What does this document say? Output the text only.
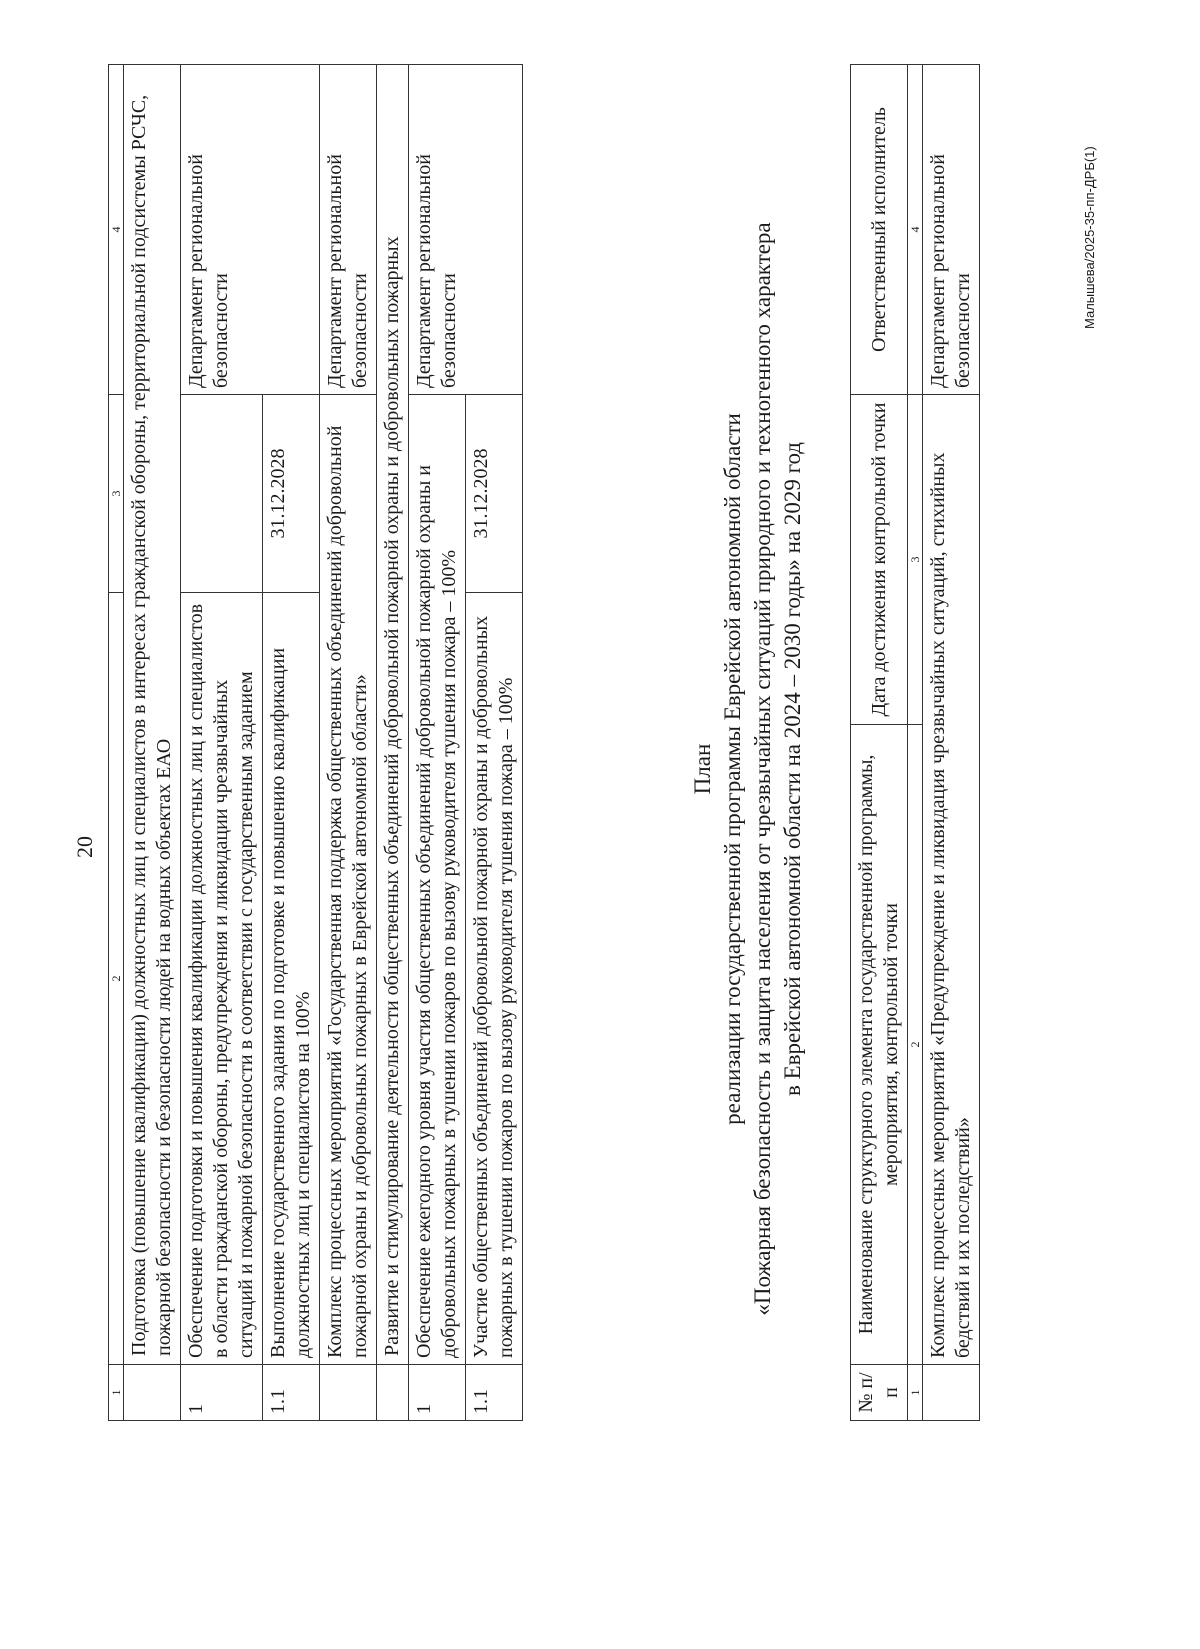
20
1	2	3	4
	Подготовка (повышение квалификации) должностных лиц и специалистов в интересах гражданской обороны, территориальной подсистемы РСЧС, пожарной безопасности и безопасности людей на водных объектах ЕАО		
1	Обеспечение подготовки и повышения квалификации должностных лиц и специалистов в области гражданской обороны, предупреждения и ликвидации чрезвычайных ситуаций и пожарной безопасности в соответствии с государственным заданием		Департамент региональной безопасности
1.1	Выполнение государственного задания по подготовке и повышению квалификации должностных лиц и специалистов на 100%	31.12.2028	
	Комплекс процессных мероприятий «Государственная поддержка общественных объединений добровольной пожарной охраны и добровольных пожарных в Еврейской автономной области»		Департамент региональной безопасности
	Развитие и стимулирование деятельности общественных объединений добровольной пожарной охраны и добровольных пожарных		
1	Обеспечение ежегодного уровня участия общественных объединений добровольной пожарной охраны и добровольных пожарных в тушении пожаров по вызову руководителя тушения пожара – 100%		Департамент региональной безопасности
1.1	Участие общественных объединений добровольной пожарной охраны и добровольных пожарных в тушении пожаров по вызову руководителя тушения пожара – 100%	31.12.2028	
План реализации государственной программы Еврейской автономной области «Пожарная безопасность и защита населения от чрезвычайных ситуаций природного и техногенного характера в Еврейской автономной области на 2024 – 2030 годы» на 2029 год
№ п/п	Наименование структурного элемента государственной программы, мероприятия, контрольной точки	Дата достижения контрольной точки	Ответственный исполнитель
1	2	3	4
	Комплекс процессных мероприятий «Предупреждение и ликвидация чрезвычайных ситуаций, стихийных бедствий и их последствий»		Департамент региональной безопасности
Малышева/2025-35-пп-ДРБ(1)
